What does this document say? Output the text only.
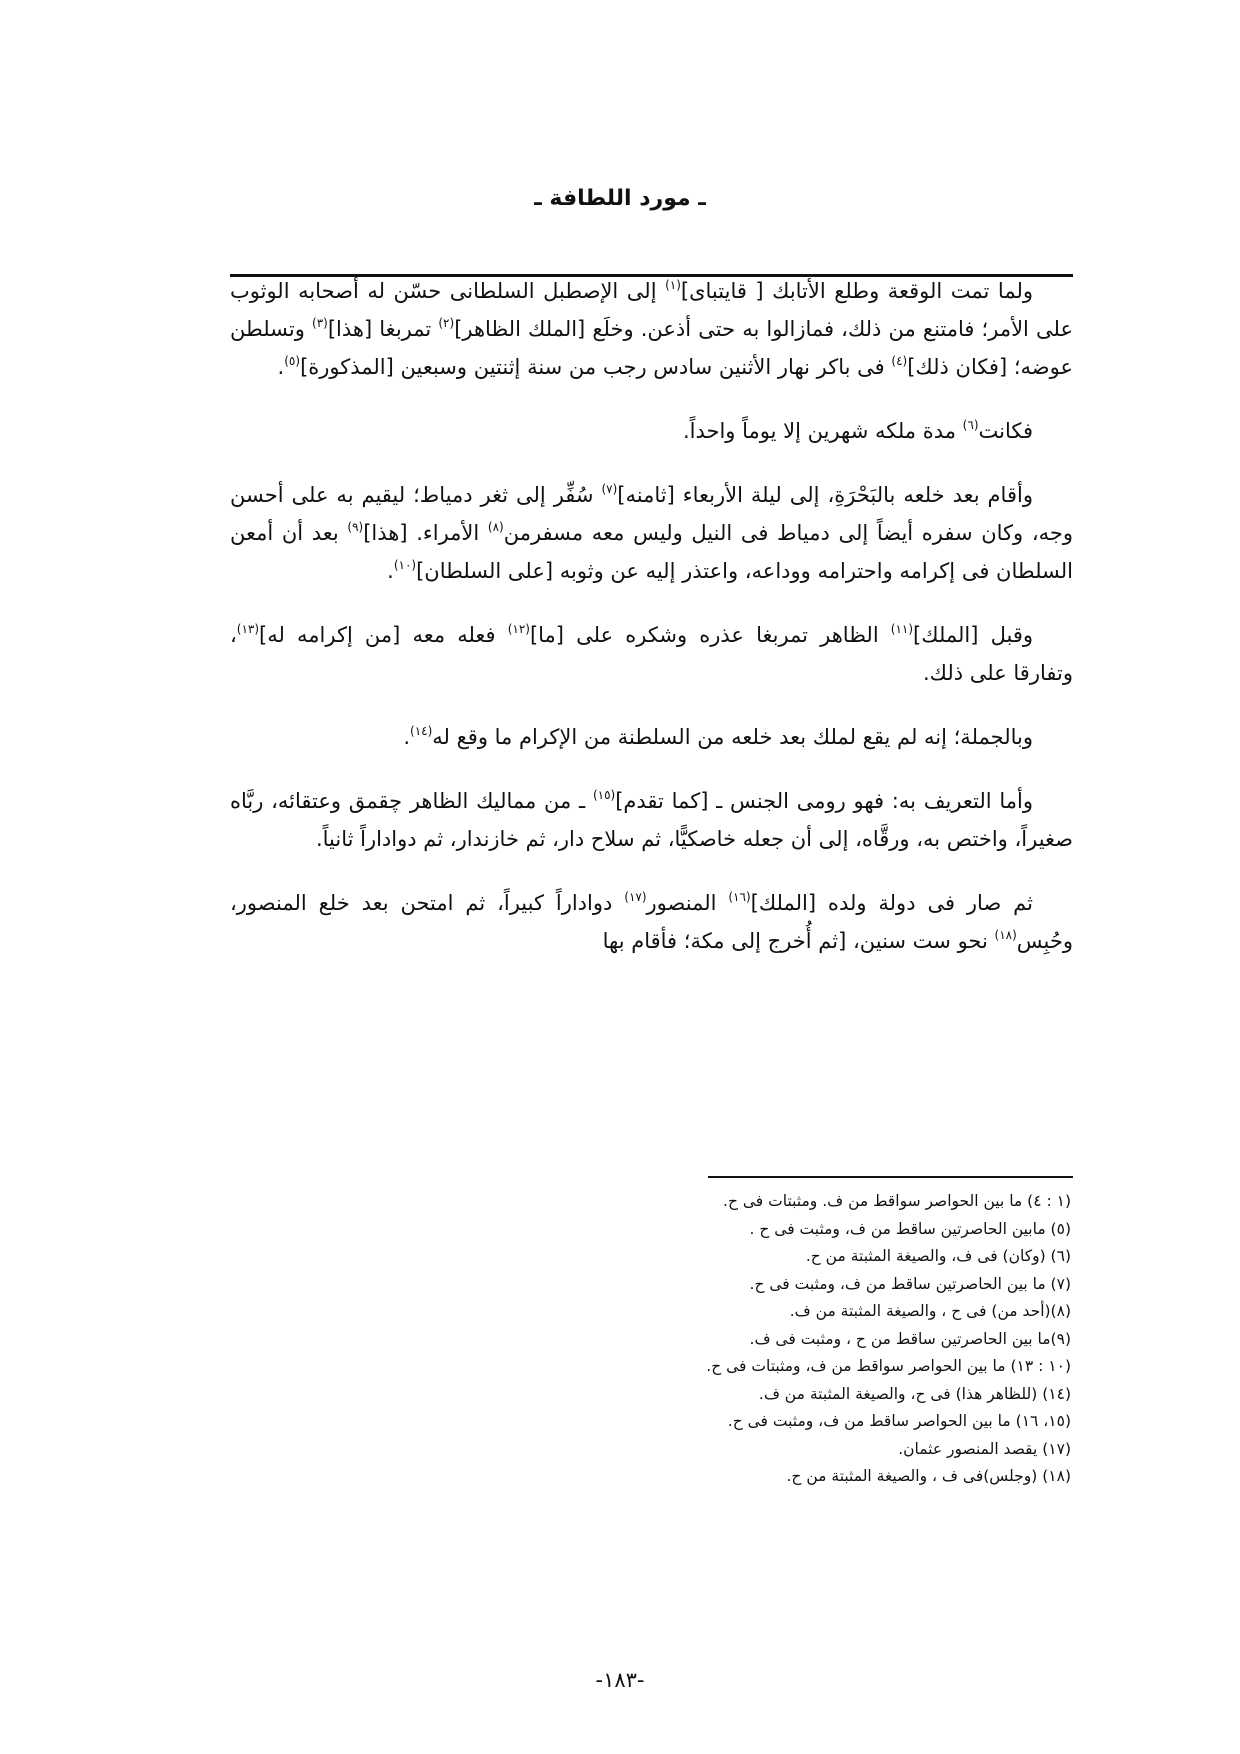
ـ مورد اللطافة ـ

ولما تمت الوقعة وطلع الأتابك [ قايتباى]$^{(١)}$ إلى الإصطبل السلطانى حسّن له أصحابه الوثوب على الأمر؛ فامتنع من ذلك، فمازالوا به حتى أذعن. وخلَع [الملك الظاهر]$^{(٢)}$ تمربغا [هذا]$^{(٣)}$ وتسلطن عوضه؛ [فكان ذلك]$^{(٤)}$ فى باكر نهار الأثنين سادس رجب من سنة إثنتين وسبعين [المذكورة]$^{(٥)}$.

فكانت$^{(٦)}$ مدة ملكه شهرين إلا يوماً واحداً.

وأقام بعد خلعه بالبَحْرَةِ، إلى ليلة الأربعاء [ثامنه]$^{(٧)}$ سُفِّر إلى ثغر دمياط؛ ليقيم به على أحسن وجه، وكان سفره أيضاً إلى دمياط فى النيل وليس معه مسفرمن$^{(٨)}$ الأمراء. [هذا]$^{(٩)}$ بعد أن أمعن السلطان فى إكرامه واحترامه ووداعه، واعتذر إليه عن وثوبه [على السلطان]$^{(١٠)}$.

وقبل [الملك]$^{(١١)}$ الظاهر تمربغا عذره وشكره على [ما]$^{(١٢)}$ فعله معه [من إكرامه له]$^{(١٣)}$، وتفارقا على ذلك.

وبالجملة؛ إنه لم يقع لملك بعد خلعه من السلطنة من الإكرام ما وقع له$^{(١٤)}$.

وأما التعريف به: فهو رومى الجنس ـ [كما تقدم]$^{(١٥)}$ ـ من مماليك الظاهر چقمق وعتقائه، ربَّاه صغيراً، واختص به، ورقَّاه، إلى أن جعله خاصكيًّا، ثم سلاح دار، ثم خازندار، ثم دواداراً ثانياً.

ثم صار فى دولة ولده [الملك]$^{(١٦)}$ المنصور$^{(١٧)}$ دواداراً كبيراً، ثم امتحن بعد خلع المنصور، وحُبِس$^{(١٨)}$ نحو ست سنين، [ثم أُخرج إلى مكة؛ فأقام بها

(١ : ٤) ما بين الحواصر سواقط من ف. ومثبتات فى ح.

(٥) مابين الحاصرتين ساقط من ف، ومثبت فى ح .

(٦) (وكان) فى ف، والصيغة المثبتة من ح.

(٧) ما بين الحاصرتين ساقط من ف، ومثبت فى ح.

(٨)(أحد من) فى ح ، والصيغة المثبتة من ف.

(٩)ما بين الحاصرتين ساقط من ح ، ومثبت فى ف.

(١٠ : ١٣) ما بين الحواصر سواقط من ف، ومثبتات فى ح.

(١٤) (للظاهر هذا) فى ح، والصيغة المثبتة من ف.

(١٥، ١٦) ما بين الحواصر ساقط من ف، ومثبت فى ح.

(١٧) يقصد المنصور عثمان.

(١٨) (وجلس)فى ف ، والصيغة المثبتة من ح.

-١٨٣-
